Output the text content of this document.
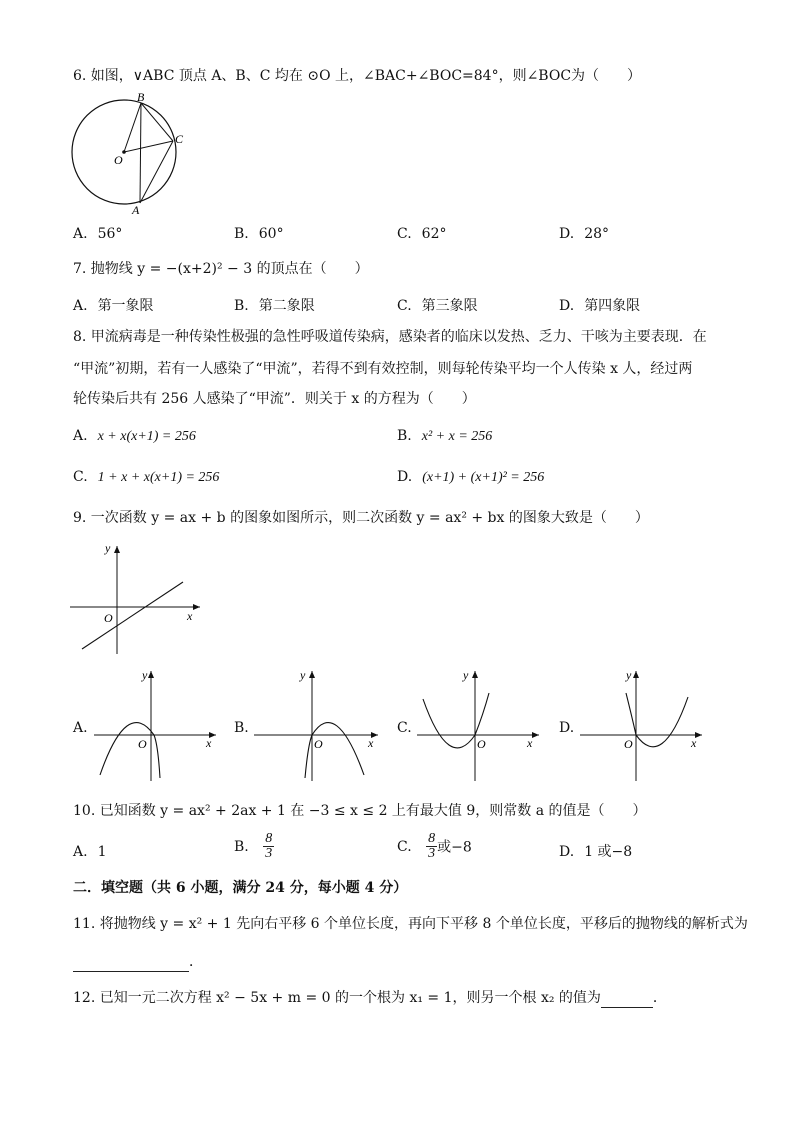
6. 如图，∨ABC 顶点 A、B、C 均在 ⊙O 上，∠BAC+∠BOC=84°，则∠BOC为（　　）
B
C
O
A
A. 56°	B. 60°	C. 62°	D. 28°
7. 抛物线 y = −(x+2)² − 3 的顶点在（　　）
A. 第一象限	B. 第二象限	C. 第三象限	D. 第四象限
8. 甲流病毒是一种传染性极强的急性呼吸道传染病，感染者的临床以发热、乏力、干咳为主要表现．在
“甲流”初期，若有一人感染了“甲流”，若得不到有效控制，则每轮传染平均一个人传染 x 人，经过两
轮传染后共有 256 人感染了“甲流”．则关于 x 的方程为（　　）
A. x + x(x+1) = 256	B. x² + x = 256
C. 1 + x + x(x+1) = 256	D. (x+1) + (x+1)² = 256
9. 一次函数 y = ax + b 的图象如图所示，则二次函数 y = ax² + bx 的图象大致是（　　）
y
x
O
A.
y
x
O
B.
y
x
O
C.
y
x
O
D.
y
x
O
10. 已知函数 y = ax² + 2ax + 1 在 −3 ≤ x ≤ 2 上有最大值 9，则常数 a 的值是（　　）
A. 1	B. $\frac{8}{3}$	C. $\frac{8}{3}$ 或−8	D. 1 或−8
二．填空题（共 6 小题，满分 24 分，每小题 4 分）
11. 将抛物线 y = x² + 1 先向右平移 6 个单位长度，再向下平移 8 个单位长度，平移后的抛物线的解析式为
．
12. 已知一元二次方程 x² − 5x + m = 0 的一个根为 x₁ = 1，则另一个根 x₂ 的值为	．
